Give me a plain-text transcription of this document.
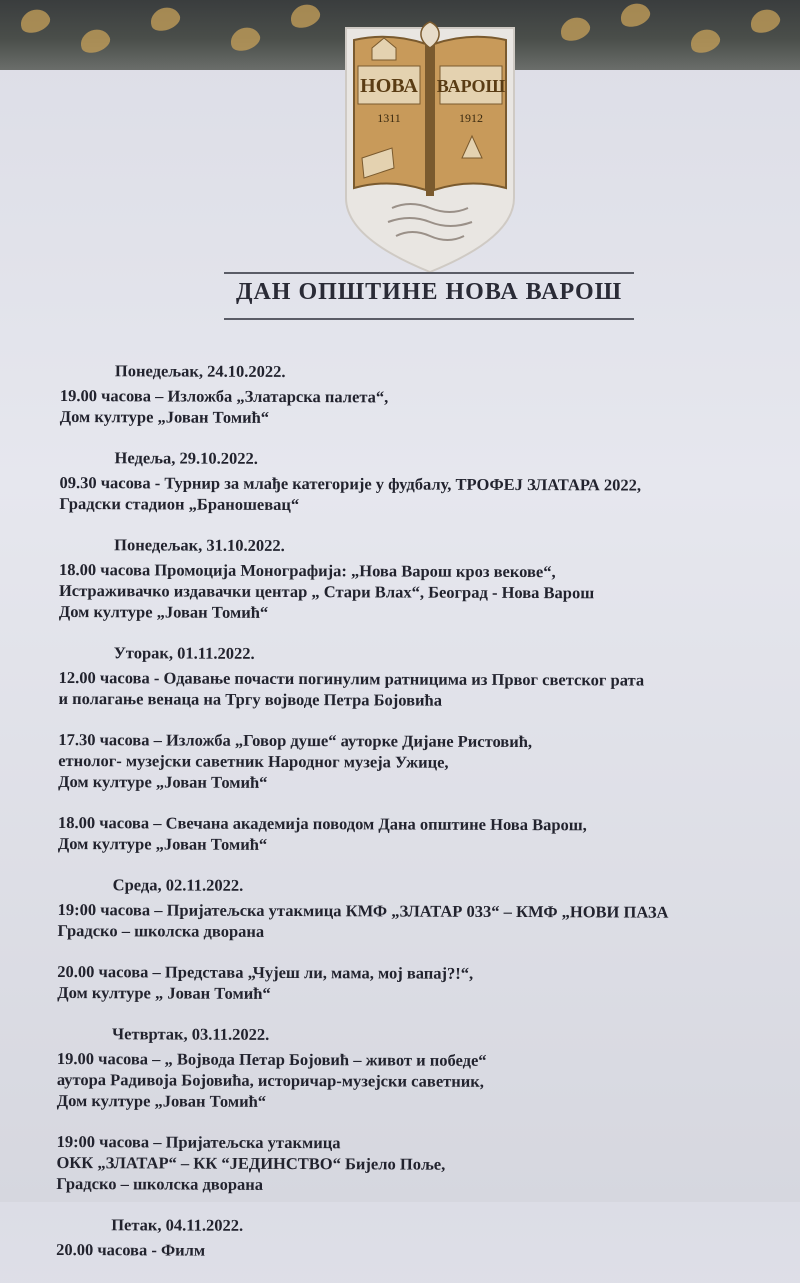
НОВА ВАРОШ
1311	1912
ДАН ОПШТИНЕ НОВА ВАРОШ
Понедељак, 24.10.2022.
19.00 часова – Изложба „Златарска палета“,
Дом културе „Јован Томић“
Недеља, 29.10.2022.
09.30 часова - Турнир за млађе категорије у фудбалу, ТРОФЕЈ ЗЛАТАРА 2022,
Градски стадион „Браношевац“
Понедељак, 31.10.2022.
18.00 часова Промоција Монографија: „Нова Варош кроз векове“,
Истраживачко издавачки центар „ Стари Влах“, Београд - Нова Варош
Дом културе „Јован Томић“
Уторак, 01.11.2022.
12.00 часова - Одавање почасти погинулим ратницима из Првог светског рата
и полагање венаца на Тргу војводе Петра Бојовића
17.30 часова – Изложба „Говор душе“ ауторке Дијане Ристовић,
етнолог- музејски саветник Народног музеја Ужице,
Дом културе „Јован Томић“
18.00 часова – Свечана академија поводом Дана општине Нова Варош,
Дом културе „Јован Томић“
Среда, 02.11.2022.
19:00 часова – Пријатељска утакмица КМФ „ЗЛАТАР 033“ – КМФ „НОВИ ПАЗА
Градско – школска дворана
20.00 часова – Представа „Чујеш ли, мама, мој вапај?!“,
Дом културе „ Јован Томић“
Четвртак, 03.11.2022.
19.00 часова – „ Војвода Петар Бојовић – живот и победе“
аутора Радивоја Бојовића, историчар-музејски саветник,
Дом културе „Јован Томић“
19:00 часова – Пријатељска утакмица
ОКК „ЗЛАТАР“ – КК “ЈЕДИНСТВО“ Бијело Поље,
Градско – школска дворана
Петак, 04.11.2022.
20.00 часова - Филм
